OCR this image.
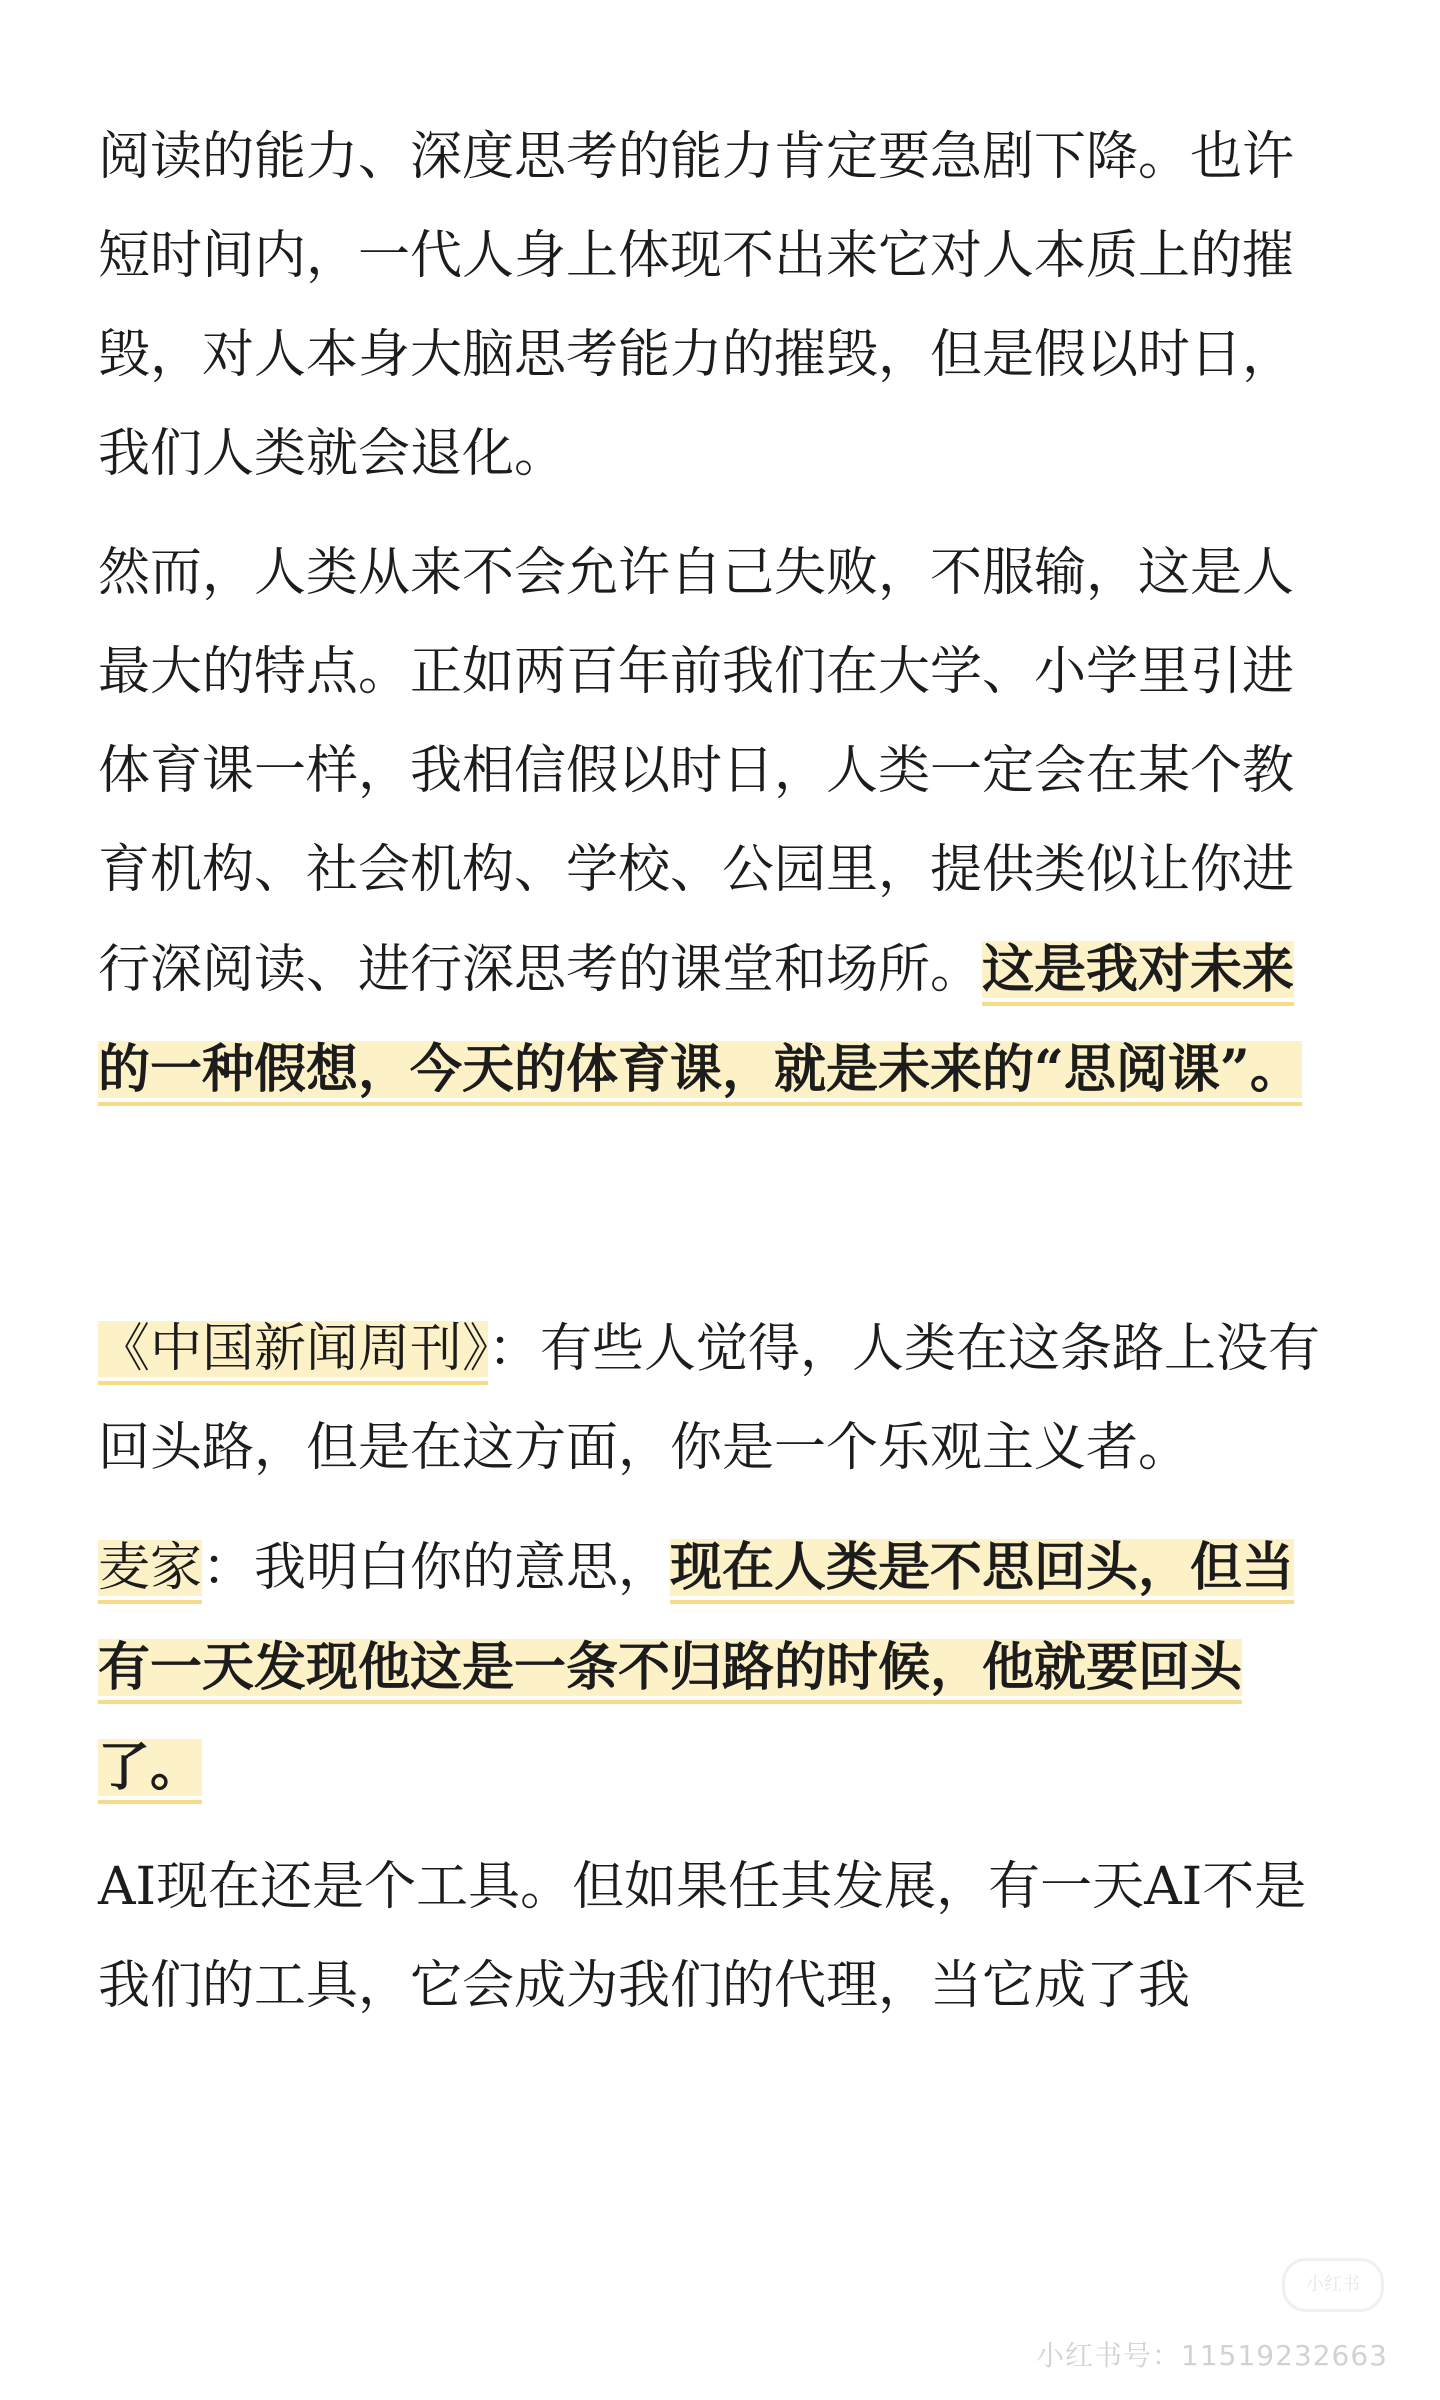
阅读的能力、深度思考的能力肯定要急剧下降。也许短时间内，一代人身上体现不出来它对人本质上的摧毁，对人本身大脑思考能力的摧毁，但是假以时日，我们人类就会退化。

然而，人类从来不会允许自己失败，不服输，这是人最大的特点。正如两百年前我们在大学、小学里引进体育课一样，我相信假以时日，人类一定会在某个教育机构、社会机构、学校、公园里，提供类似让你进行深阅读、进行深思考的课堂和场所。这是我对未来的一种假想，今天的体育课，就是未来的“思阅课”。

《中国新闻周刊》：有些人觉得，人类在这条路上没有回头路，但是在这方面，你是一个乐观主义者。

麦家：我明白你的意思，现在人类是不思回头，但当有一天发现他这是一条不归路的时候，他就要回头了。

AI现在还是个工具。但如果任其发展，有一天AI不是我们的工具，它会成为我们的代理，当它成了我

小红书
小红书号：11519232663
